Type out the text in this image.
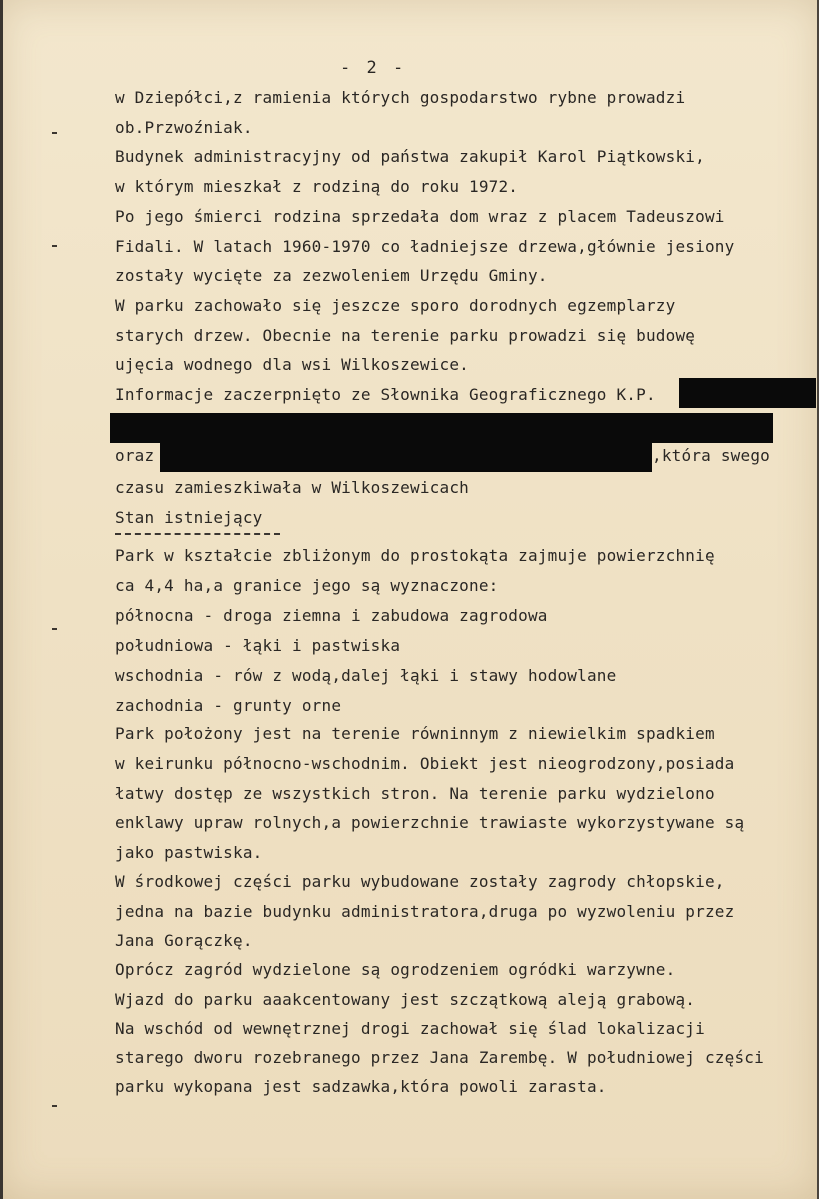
- 2 -
w Dziepółci,z ramienia których gospodarstwo rybne prowadzi
ob.Przwoźniak.
Budynek administracyjny od państwa zakupił Karol Piątkowski,
w którym mieszkał z rodziną do roku 1972.
Po jego śmierci rodzina sprzedała dom wraz z placem Tadeuszowi
Fidali. W latach 1960-1970 co ładniejsze drzewa,głównie jesiony
zostały wycięte za zezwoleniem Urzędu Gminy.
W parku zachowało się jeszcze sporo dorodnych egzemplarzy
starych drzew. Obecnie na terenie parku prowadzi się budowę
ujęcia wodnego dla wsi Wilkoszewice.
Informacje zaczerpnięto ze Słownika Geograficznego K.P.
oraz	,która swego
czasu zamieszkiwała w Wilkoszewicach
Stan istniejący
Park w kształcie zbliżonym do prostokąta zajmuje powierzchnię
ca 4,4 ha,a granice jego są wyznaczone:
północna - droga ziemna i zabudowa zagrodowa
południowa - łąki i pastwiska
wschodnia - rów z wodą,dalej łąki i stawy hodowlane
zachodnia - grunty orne
Park położony jest na terenie równinnym z niewielkim spadkiem
w keirunku północno-wschodnim. Obiekt jest nieogrodzony,posiada
łatwy dostęp ze wszystkich stron. Na terenie parku wydzielono
enklawy upraw rolnych,a powierzchnie trawiaste wykorzystywane są
jako pastwiska.
W środkowej części parku wybudowane zostały zagrody chłopskie,
jedna na bazie budynku administratora,druga po wyzwoleniu przez
Jana Gorączkę.
Oprócz zagród wydzielone są ogrodzeniem ogródki warzywne.
Wjazd do parku aaakcentowany jest szczątkową aleją grabową.
Na wschód od wewnętrznej drogi zachował się ślad lokalizacji
starego dworu rozebranego przez Jana Zarembę. W południowej części
parku wykopana jest sadzawka,która powoli zarasta.
